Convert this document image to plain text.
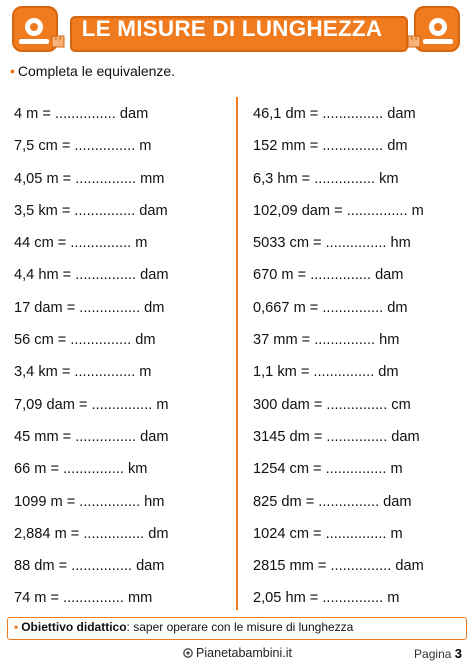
LE MISURE DI LUNGHEZZA
• Completa le equivalenze.
4 m = ............... dam
7,5 cm = ............... m
4,05 m = ............... mm
3,5 km = ............... dam
44 cm = ............... m
4,4 hm = ............... dam
17 dam = ............... dm
56 cm = ............... dm
3,4 km = ............... m
7,09 dam = ............... m
45 mm = ............... dam
66 m = ............... km
1099 m = ............... hm
2,884 m = ............... dm
88 dm = ............... dam
74 m = ............... mm
46,1 dm = ............... dam
152 mm = ............... dm
6,3 hm = ............... km
102,09 dam = ............... m
5033 cm = ............... hm
670 m = ............... dam
0,667 m = ............... dm
37 mm = ............... hm
1,1 km = ............... dm
300 dam = ............... cm
3145 dm = ............... dam
1254 cm = ............... m
825 dm = ............... dam
1024 cm = ............... m
2815 mm = ............... dam
2,05 hm = ............... m
• Obiettivo didattico: saper operare con le misure di lunghezza
Pianetabambini.it	Pagina 3
